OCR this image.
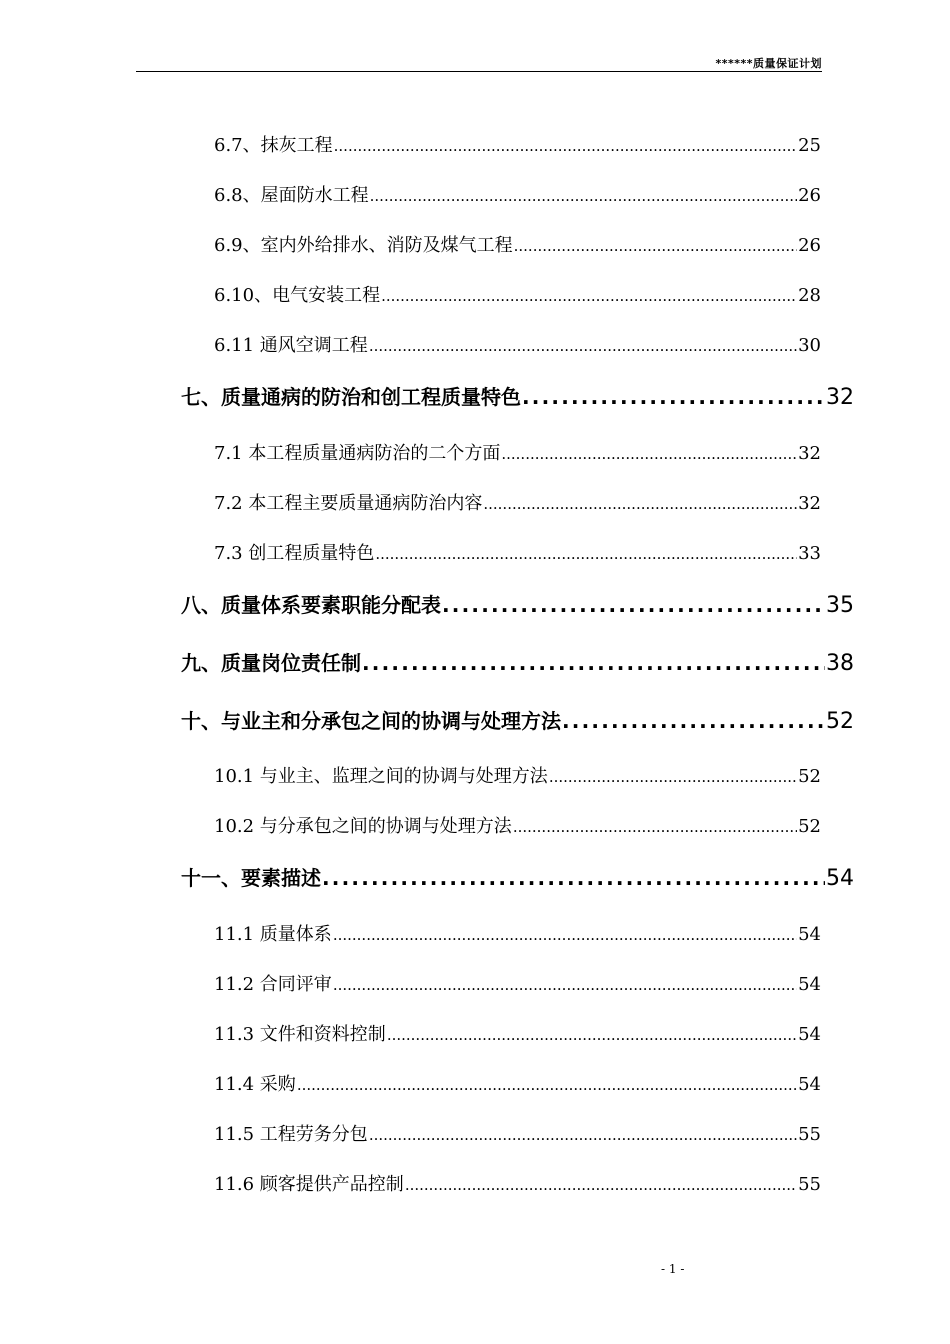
******质量保证计划
6.7、抹灰工程 .....	25
6.8、屋面防水工程 .....	26
6.9、室内外给排水、消防及煤气工程 .....	26
6.10、电气安装工程 .....	28
6.11 通风空调工程 .....	30
七、质量通病的防治和创工程质量特色 .....	32
7.1 本工程质量通病防治的二个方面 .....	32
7.2 本工程主要质量通病防治内容 .....	32
7.3 创工程质量特色 .....	33
八、质量体系要素职能分配表 .....	35
九、质量岗位责任制 .....	38
十、与业主和分承包之间的协调与处理方法 .....	52
10.1 与业主、监理之间的协调与处理方法 .....	52
10.2 与分承包之间的协调与处理方法 .....	52
十一、要素描述 .....	54
11.1 质量体系 .....	54
11.2 合同评审 .....	54
11.3 文件和资料控制 .....	54
11.4 采购 .....	54
11.5 工程劳务分包 .....	55
11.6 顾客提供产品控制 .....	55
- 1 -
